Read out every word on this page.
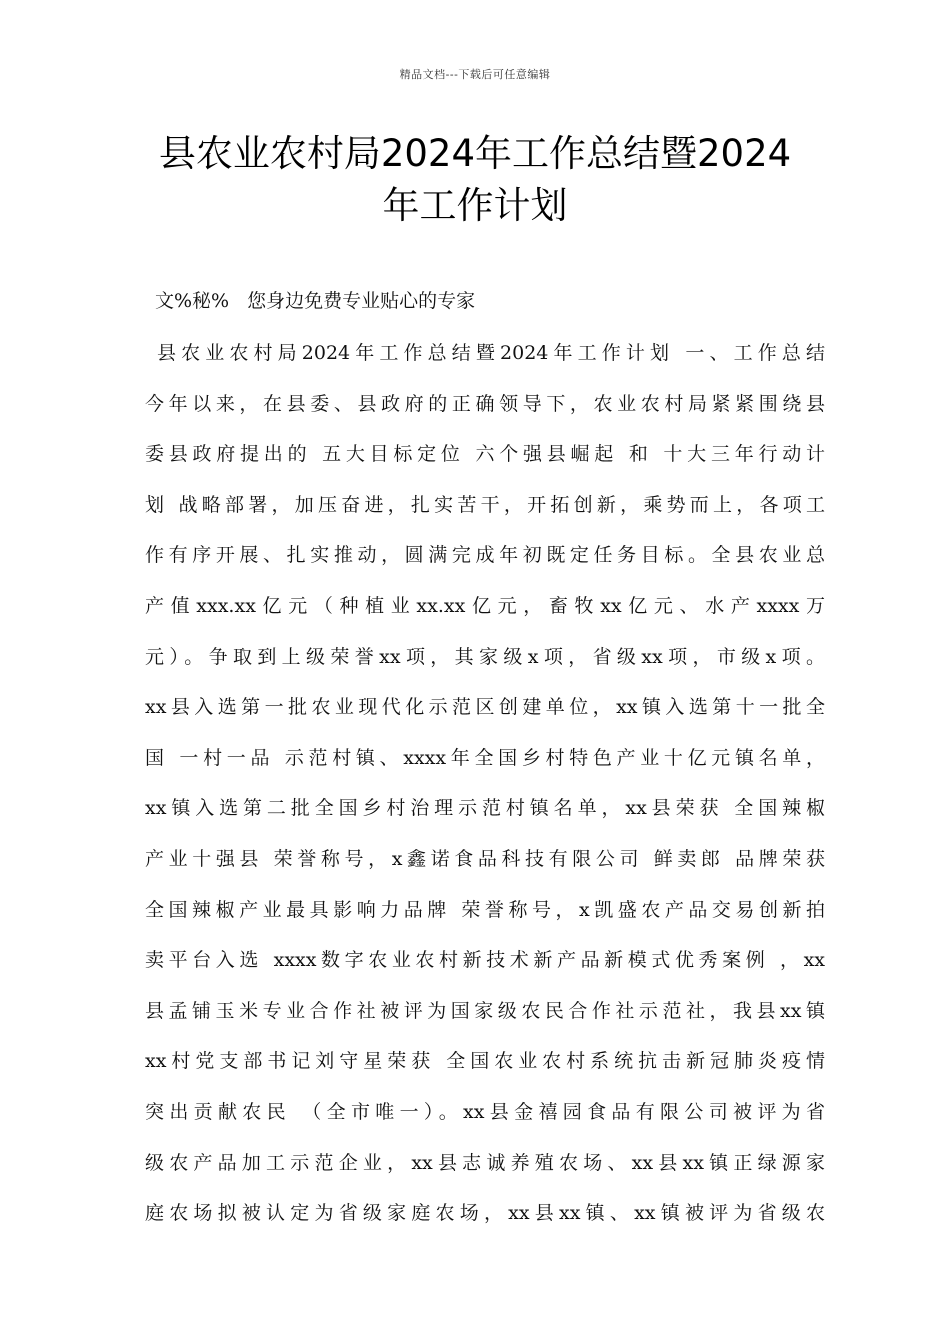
精品文档---下载后可任意编辑
县农业农村局2024年工作总结暨2024
年工作计划
文%秘% 您身边免费专业贴心的专家
县农业农村局2024年工作总结暨2024年工作计划 一、工作总结
今年以来，在县委、县政府的正确领导下，农业农村局紧紧围绕县
委县政府提出的 五大目标定位 六个强县崛起 和 十大三年行动计
划 战略部署，加压奋进，扎实苦干，开拓创新，乘势而上，各项工
作有序开展、扎实推动，圆满完成年初既定任务目标。全县农业总
产值xxx.xx亿元（种植业xx.xx亿元，畜牧xx亿元、水产xxxx万
元）。争取到上级荣誉xx项，其家级x项，省级xx项，市级x项。
xx县入选第一批农业现代化示范区创建单位，xx镇入选第十一批全
国 一村一品 示范村镇、xxxx年全国乡村特色产业十亿元镇名单，
xx镇入选第二批全国乡村治理示范村镇名单，xx县荣获 全国辣椒
产业十强县 荣誉称号，x鑫诺食品科技有限公司 鲜卖郎 品牌荣获
全国辣椒产业最具影响力品牌 荣誉称号，x凯盛农产品交易创新拍
卖平台入选 xxxx数字农业农村新技术新产品新模式优秀案例 ，xx
县孟铺玉米专业合作社被评为国家级农民合作社示范社，我县xx镇
xx村党支部书记刘守星荣获 全国农业农村系统抗击新冠肺炎疫情
突出贡献农民 （全市唯一）。xx县金禧园食品有限公司被评为省
级农产品加工示范企业，xx县志诚养殖农场、xx县xx镇正绿源家
庭农场拟被认定为省级家庭农场，xx县xx镇、xx镇被评为省级农
